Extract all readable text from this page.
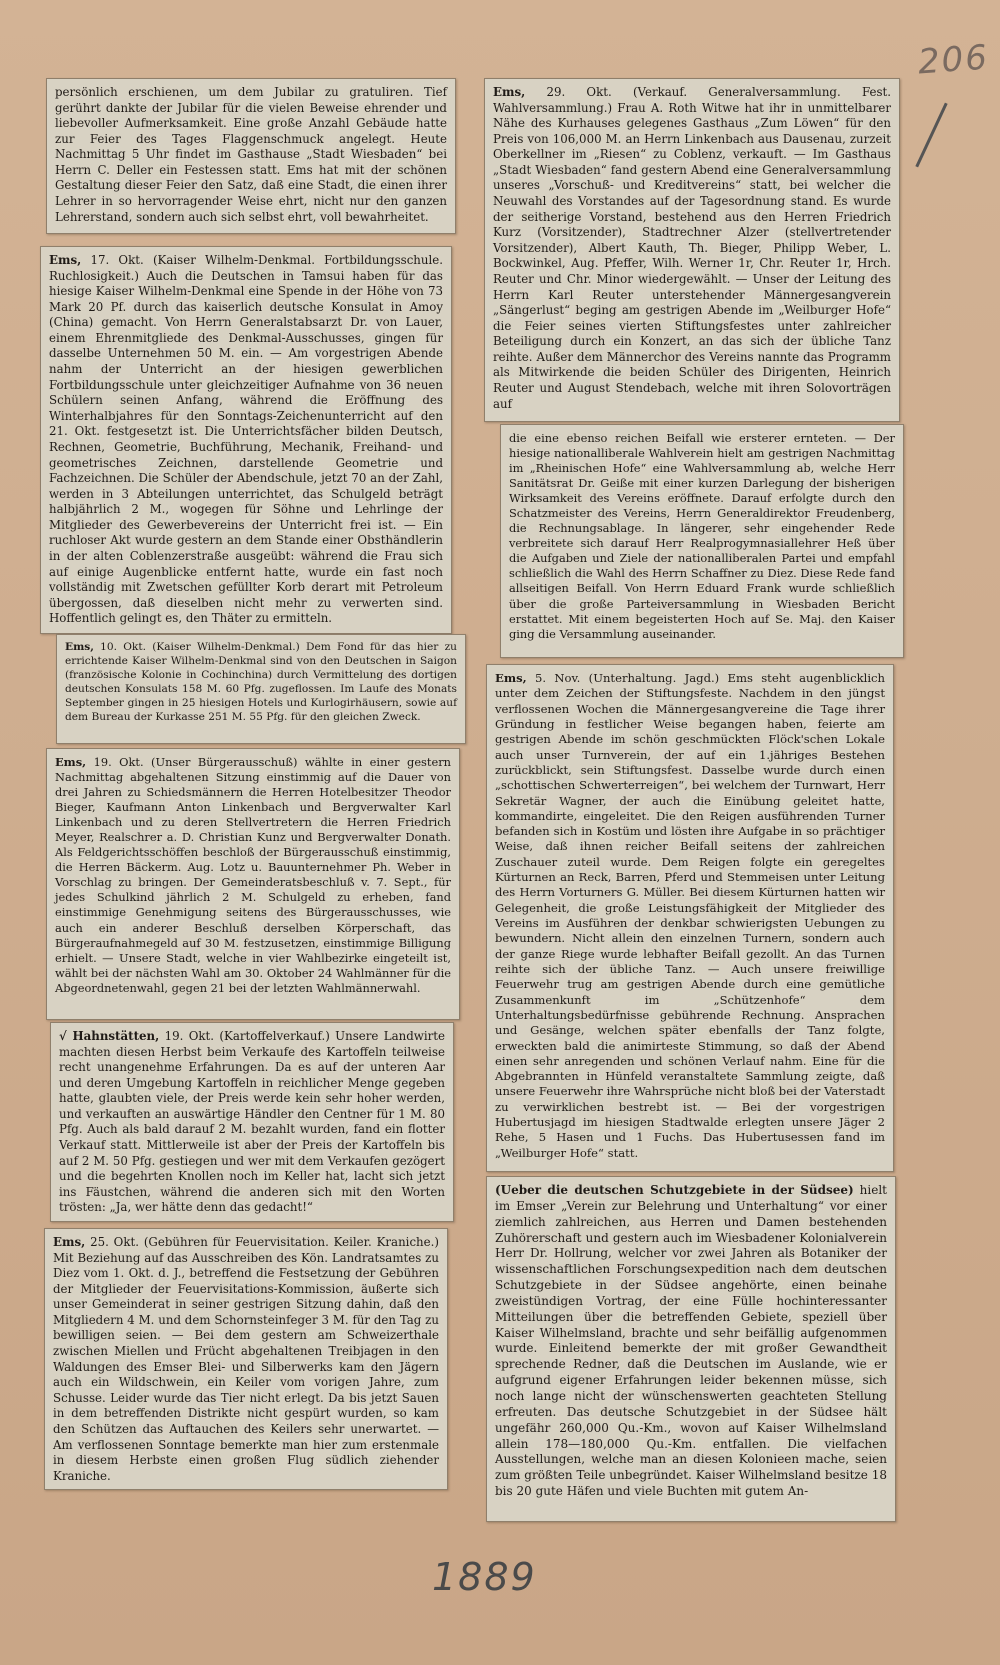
206
persönlich erschienen, um dem Jubilar zu gratuliren. Tief gerührt dankte der Jubilar für die vielen Beweise ehrender und liebevoller Aufmerksamkeit. Eine große Anzahl Gebäude hatte zur Feier des Tages Flaggenschmuck angelegt. Heute Nachmittag 5 Uhr findet im Gasthause „Stadt Wiesbaden“ bei Herrn C. Deller ein Festessen statt. Ems hat mit der schönen Gestaltung dieser Feier den Satz, daß eine Stadt, die einen ihrer Lehrer in so hervorragender Weise ehrt, nicht nur den ganzen Lehrerstand, sondern auch sich selbst ehrt, voll bewahrheitet.
Ems, 17. Okt. (Kaiser Wilhelm-Denkmal. Fortbildungsschule. Ruchlosigkeit.) Auch die Deutschen in Tamsui haben für das hiesige Kaiser Wilhelm-Denkmal eine Spende in der Höhe von 73 Mark 20 Pf. durch das kaiserlich deutsche Konsulat in Amoy (China) gemacht. Von Herrn Generalstabsarzt Dr. von Lauer, einem Ehrenmitgliede des Denkmal-Ausschusses, gingen für dasselbe Unternehmen 50 M. ein. — Am vorgestrigen Abende nahm der Unterricht an der hiesigen gewerblichen Fortbildungsschule unter gleichzeitiger Aufnahme von 36 neuen Schülern seinen Anfang, während die Eröffnung des Winterhalbjahres für den Sonntags-Zeichenunterricht auf den 21. Okt. festgesetzt ist. Die Unterrichtsfächer bilden Deutsch, Rechnen, Geometrie, Buchführung, Mechanik, Freihand- und geometrisches Zeichnen, darstellende Geometrie und Fachzeichnen. Die Schüler der Abendschule, jetzt 70 an der Zahl, werden in 3 Abteilungen unterrichtet, das Schulgeld beträgt halbjährlich 2 M., wogegen für Söhne und Lehrlinge der Mitglieder des Gewerbevereins der Unterricht frei ist. — Ein ruchloser Akt wurde gestern an dem Stande einer Obsthändlerin in der alten Coblenzerstraße ausgeübt: während die Frau sich auf einige Augenblicke entfernt hatte, wurde ein fast noch vollständig mit Zwetschen gefüllter Korb derart mit Petroleum übergossen, daß dieselben nicht mehr zu verwerten sind. Hoffentlich gelingt es, den Thäter zu ermitteln.
Ems, 10. Okt. (Kaiser Wilhelm-Denkmal.) Dem Fond für das hier zu errichtende Kaiser Wilhelm-Denkmal sind von den Deutschen in Saigon (französische Kolonie in Cochinchina) durch Vermittelung des dortigen deutschen Konsulats 158 M. 60 Pfg. zugeflossen. Im Laufe des Monats September gingen in 25 hiesigen Hotels und Kurlogirhäusern, sowie auf dem Bureau der Kurkasse 251 M. 55 Pfg. für den gleichen Zweck.
Ems, 19. Okt. (Unser Bürgerausschuß) wählte in einer gestern Nachmittag abgehaltenen Sitzung einstimmig auf die Dauer von drei Jahren zu Schiedsmännern die Herren Hotelbesitzer Theodor Bieger, Kaufmann Anton Linkenbach und Bergverwalter Karl Linkenbach und zu deren Stellvertretern die Herren Friedrich Meyer, Realschrer a. D. Christian Kunz und Bergverwalter Donath. Als Feldgerichtsschöffen beschloß der Bürgerausschuß einstimmig, die Herren Bäckerm. Aug. Lotz u. Bauunternehmer Ph. Weber in Vorschlag zu bringen. Der Gemeinderatsbeschluß v. 7. Sept., für jedes Schulkind jährlich 2 M. Schulgeld zu erheben, fand einstimmige Genehmigung seitens des Bürgerausschusses, wie auch ein anderer Beschluß derselben Körperschaft, das Bürgeraufnahmegeld auf 30 M. festzusetzen, einstimmige Billigung erhielt. — Unsere Stadt, welche in vier Wahlbezirke eingeteilt ist, wählt bei der nächsten Wahl am 30. Oktober 24 Wahlmänner für die Abgeordnetenwahl, gegen 21 bei der letzten Wahlmännerwahl.
√ Hahnstätten, 19. Okt. (Kartoffelverkauf.) Unsere Landwirte machten diesen Herbst beim Verkaufe des Kartoffeln teilweise recht unangenehme Erfahrungen. Da es auf der unteren Aar und deren Umgebung Kartoffeln in reichlicher Menge gegeben hatte, glaubten viele, der Preis werde kein sehr hoher werden, und verkauften an auswärtige Händler den Centner für 1 M. 80 Pfg. Auch als bald darauf 2 M. bezahlt wurden, fand ein flotter Verkauf statt. Mittlerweile ist aber der Preis der Kartoffeln bis auf 2 M. 50 Pfg. gestiegen und wer mit dem Verkaufen gezögert und die begehrten Knollen noch im Keller hat, lacht sich jetzt ins Fäustchen, während die anderen sich mit den Worten trösten: „Ja, wer hätte denn das gedacht!“
Ems, 25. Okt. (Gebühren für Feuervisitation. Keiler. Kraniche.) Mit Beziehung auf das Ausschreiben des Kön. Landratsamtes zu Diez vom 1. Okt. d. J., betreffend die Festsetzung der Gebühren der Mitglieder der Feuervisitations-Kommission, äußerte sich unser Gemeinderat in seiner gestrigen Sitzung dahin, daß den Mitgliedern 4 M. und dem Schornsteinfeger 3 M. für den Tag zu bewilligen seien. — Bei dem gestern am Schweizerthale zwischen Miellen und Frücht abgehaltenen Treibjagen in den Waldungen des Emser Blei- und Silberwerks kam den Jägern auch ein Wildschwein, ein Keiler vom vorigen Jahre, zum Schusse. Leider wurde das Tier nicht erlegt. Da bis jetzt Sauen in dem betreffenden Distrikte nicht gespürt wurden, so kam den Schützen das Auftauchen des Keilers sehr unerwartet. — Am verflossenen Sonntage bemerkte man hier zum erstenmale in diesem Herbste einen großen Flug südlich ziehender Kraniche.
Ems, 29. Okt. (Verkauf. Generalversammlung. Fest. Wahlversammlung.) Frau A. Roth Witwe hat ihr in unmittelbarer Nähe des Kurhauses gelegenes Gasthaus „Zum Löwen“ für den Preis von 106,000 M. an Herrn Linkenbach aus Dausenau, zurzeit Oberkellner im „Riesen“ zu Coblenz, verkauft. — Im Gasthaus „Stadt Wiesbaden“ fand gestern Abend eine Generalversammlung unseres „Vorschuß- und Kreditvereins“ statt, bei welcher die Neuwahl des Vorstandes auf der Tagesordnung stand. Es wurde der seitherige Vorstand, bestehend aus den Herren Friedrich Kurz (Vorsitzender), Stadtrechner Alzer (stellvertretender Vorsitzender), Albert Kauth, Th. Bieger, Philipp Weber, L. Bockwinkel, Aug. Pfeffer, Wilh. Werner 1r, Chr. Reuter 1r, Hrch. Reuter und Chr. Minor wiedergewählt. — Unser der Leitung des Herrn Karl Reuter unterstehender Männergesangverein „Sängerlust“ beging am gestrigen Abende im „Weilburger Hofe“ die Feier seines vierten Stiftungsfestes unter zahlreicher Beteiligung durch ein Konzert, an das sich der übliche Tanz reihte. Außer dem Männerchor des Vereins nannte das Programm als Mitwirkende die beiden Schüler des Dirigenten, Heinrich Reuter und August Stendebach, welche mit ihren Solovorträgen auf
die eine ebenso reichen Beifall wie ersterer ernteten. — Der hiesige nationalliberale Wahlverein hielt am gestrigen Nachmittag im „Rheinischen Hofe“ eine Wahlversammlung ab, welche Herr Sanitätsrat Dr. Geiße mit einer kurzen Darlegung der bisherigen Wirksamkeit des Vereins eröffnete. Darauf erfolgte durch den Schatzmeister des Vereins, Herrn Generaldirektor Freudenberg, die Rechnungsablage. In längerer, sehr eingehender Rede verbreitete sich darauf Herr Realprogymnasiallehrer Heß über die Aufgaben und Ziele der nationalliberalen Partei und empfahl schließlich die Wahl des Herrn Schaffner zu Diez. Diese Rede fand allseitigen Beifall. Von Herrn Eduard Frank wurde schließlich über die große Parteiversammlung in Wiesbaden Bericht erstattet. Mit einem begeisterten Hoch auf Se. Maj. den Kaiser ging die Versammlung auseinander.
Ems, 5. Nov. (Unterhaltung. Jagd.) Ems steht augenblicklich unter dem Zeichen der Stiftungsfeste. Nachdem in den jüngst verflossenen Wochen die Männergesangvereine die Tage ihrer Gründung in festlicher Weise begangen haben, feierte am gestrigen Abende im schön geschmückten Flöck'schen Lokale auch unser Turnverein, der auf ein 1.jähriges Bestehen zurückblickt, sein Stiftungsfest. Dasselbe wurde durch einen „schottischen Schwerterreigen“, bei welchem der Turnwart, Herr Sekretär Wagner, der auch die Einübung geleitet hatte, kommandirte, eingeleitet. Die den Reigen ausführenden Turner befanden sich in Kostüm und lösten ihre Aufgabe in so prächtiger Weise, daß ihnen reicher Beifall seitens der zahlreichen Zuschauer zuteil wurde. Dem Reigen folgte ein geregeltes Kürturnen an Reck, Barren, Pferd und Stemmeisen unter Leitung des Herrn Vorturners G. Müller. Bei diesem Kürturnen hatten wir Gelegenheit, die große Leistungsfähigkeit der Mitglieder des Vereins im Ausführen der denkbar schwierigsten Uebungen zu bewundern. Nicht allein den einzelnen Turnern, sondern auch der ganze Riege wurde lebhafter Beifall gezollt. An das Turnen reihte sich der übliche Tanz. — Auch unsere freiwillige Feuerwehr trug am gestrigen Abende durch eine gemütliche Zusammenkunft im „Schützenhofe“ dem Unterhaltungsbedürfnisse gebührende Rechnung. Ansprachen und Gesänge, welchen später ebenfalls der Tanz folgte, erweckten bald die animirteste Stimmung, so daß der Abend einen sehr anregenden und schönen Verlauf nahm. Eine für die Abgebrannten in Hünfeld veranstaltete Sammlung zeigte, daß unsere Feuerwehr ihre Wahrsprüche nicht bloß bei der Vaterstadt zu verwirklichen bestrebt ist. — Bei der vorgestrigen Hubertusjagd im hiesigen Stadtwalde erlegten unsere Jäger 2 Rehe, 5 Hasen und 1 Fuchs. Das Hubertusessen fand im „Weilburger Hofe“ statt.
(Ueber die deutschen Schutzgebiete in der Südsee) hielt im Emser „Verein zur Belehrung und Unterhaltung“ vor einer ziemlich zahlreichen, aus Herren und Damen bestehenden Zuhörerschaft und gestern auch im Wiesbadener Kolonialverein Herr Dr. Hollrung, welcher vor zwei Jahren als Botaniker der wissenschaftlichen Forschungsexpedition nach dem deutschen Schutzgebiete in der Südsee angehörte, einen beinahe zweistündigen Vortrag, der eine Fülle hochinteressanter Mitteilungen über die betreffenden Gebiete, speziell über Kaiser Wilhelmsland, brachte und sehr beifällig aufgenommen wurde. Einleitend bemerkte der mit großer Gewandtheit sprechende Redner, daß die Deutschen im Auslande, wie er aufgrund eigener Erfahrungen leider bekennen müsse, sich noch lange nicht der wünschenswerten geachteten Stellung erfreuten. Das deutsche Schutzgebiet in der Südsee hält ungefähr 260,000 Qu.-Km., wovon auf Kaiser Wilhelmsland allein 178—180,000 Qu.-Km. entfallen. Die vielfachen Ausstellungen, welche man an diesen Kolonieen mache, seien zum größten Teile unbegründet. Kaiser Wilhelmsland besitze 18 bis 20 gute Häfen und viele Buchten mit gutem An-
1889
